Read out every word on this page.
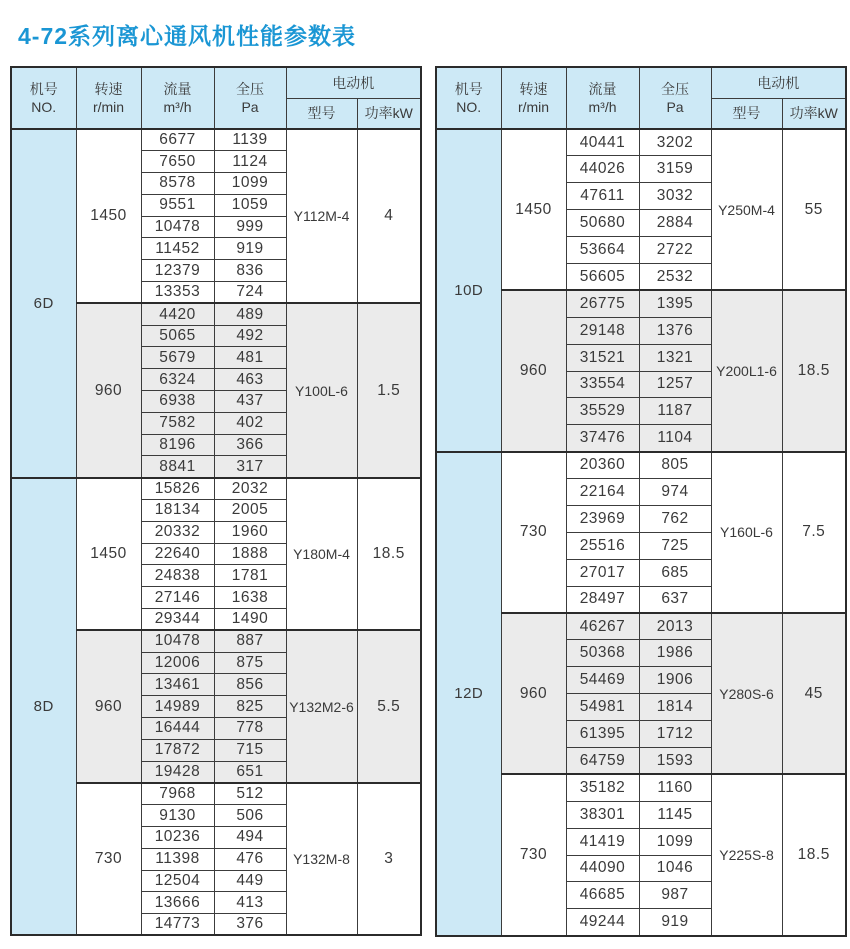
4-72系列离心通风机性能参数表
机号
NO.	转速
r/min	流量
m³/h	全压
Pa	电动机	
				型号	功率kW
6D	1450	6677	1139	Y112M-4	4
		7650	1124		
		8578	1099		
		9551	1059		
		10478	999		
		11452	919		
		12379	836		
		13353	724		
	960	4420	489	Y100L-6	1.5
		5065	492		
		5679	481		
		6324	463		
		6938	437		
		7582	402		
		8196	366		
		8841	317		
8D	1450	15826	2032	Y180M-4	18.5
		18134	2005		
		20332	1960		
		22640	1888		
		24838	1781		
		27146	1638		
		29344	1490		
	960	10478	887	Y132M2-6	5.5
		12006	875		
		13461	856		
		14989	825		
		16444	778		
		17872	715		
		19428	651		
	730	7968	512	Y132M-8	3
		9130	506		
		10236	494		
		11398	476		
		12504	449		
		13666	413		
		14773	376		
机号
NO.	转速
r/min	流量
m³/h	全压
Pa	电动机	
				型号	功率kW
10D	1450	40441	3202	Y250M-4	55
		44026	3159		
		47611	3032		
		50680	2884		
		53664	2722		
		56605	2532		
	960	26775	1395	Y200L1-6	18.5
		29148	1376		
		31521	1321		
		33554	1257		
		35529	1187		
		37476	1104		
12D	730	20360	805	Y160L-6	7.5
		22164	974		
		23969	762		
		25516	725		
		27017	685		
		28497	637		
	960	46267	2013	Y280S-6	45
		50368	1986		
		54469	1906		
		54981	1814		
		61395	1712		
		64759	1593		
	730	35182	1160	Y225S-8	18.5
		38301	1145		
		41419	1099		
		44090	1046		
		46685	987		
		49244	919		
